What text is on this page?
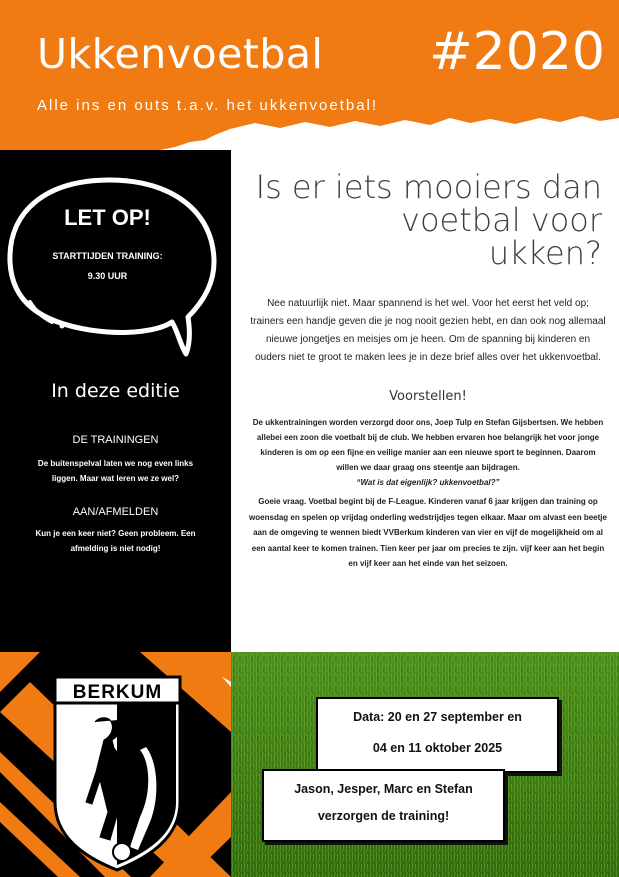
Ukkenvoetbal #2020
Alle ins en outs t.a.v. het ukkenvoetbal!
LET OP!
STARTTIJDEN TRAINING:
9.30 UUR
In deze editie
DE TRAININGEN
De buitenspelval laten we nog even links liggen. Maar wat leren we ze wel?
AAN/AFMELDEN
Kun je een keer niet? Geen probleem. Een afmelding is niet nodig!
Is er iets mooiers dan
voetbal voor
ukken?
Nee natuurlijk niet. Maar spannend is het wel. Voor het eerst het veld op; trainers een handje geven die je nog nooit gezien hebt, en dan ook nog allemaal nieuwe jongetjes en meisjes om je heen. Om de spanning bij kinderen en ouders niet te groot te maken lees je in deze brief alles over het ukkenvoetbal.
Voorstellen!
De ukkentrainingen worden verzorgd door ons, Joep Tulp en Stefan Gijsbertsen. We hebben allebei een zoon die voetbalt bij de club. We hebben ervaren hoe belangrijk het voor jonge kinderen is om op een fijne en veilige manier aan een nieuwe sport te beginnen. Daarom willen we daar graag ons steentje aan bijdragen.
“Wat is dat eigenlijk? ukkenvoetbal?”
Goeie vraag. Voetbal begint bij de F-League. Kinderen vanaf 6 jaar krijgen dan training op woensdag en spelen op vrijdag onderling wedstrijdjes tegen elkaar. Maar om alvast een beetje aan de omgeving te wennen biedt VVBerkum kinderen van vier en vijf de mogelijkheid om al een aantal keer te komen trainen. Tien keer per jaar om precies te zijn. vijf keer aan het begin en vijf keer aan het einde van het seizoen.
BERKUM
Data: 20 en 27 september en
04 en 11 oktober 2025
Jason, Jesper, Marc en Stefan
verzorgen de training!
